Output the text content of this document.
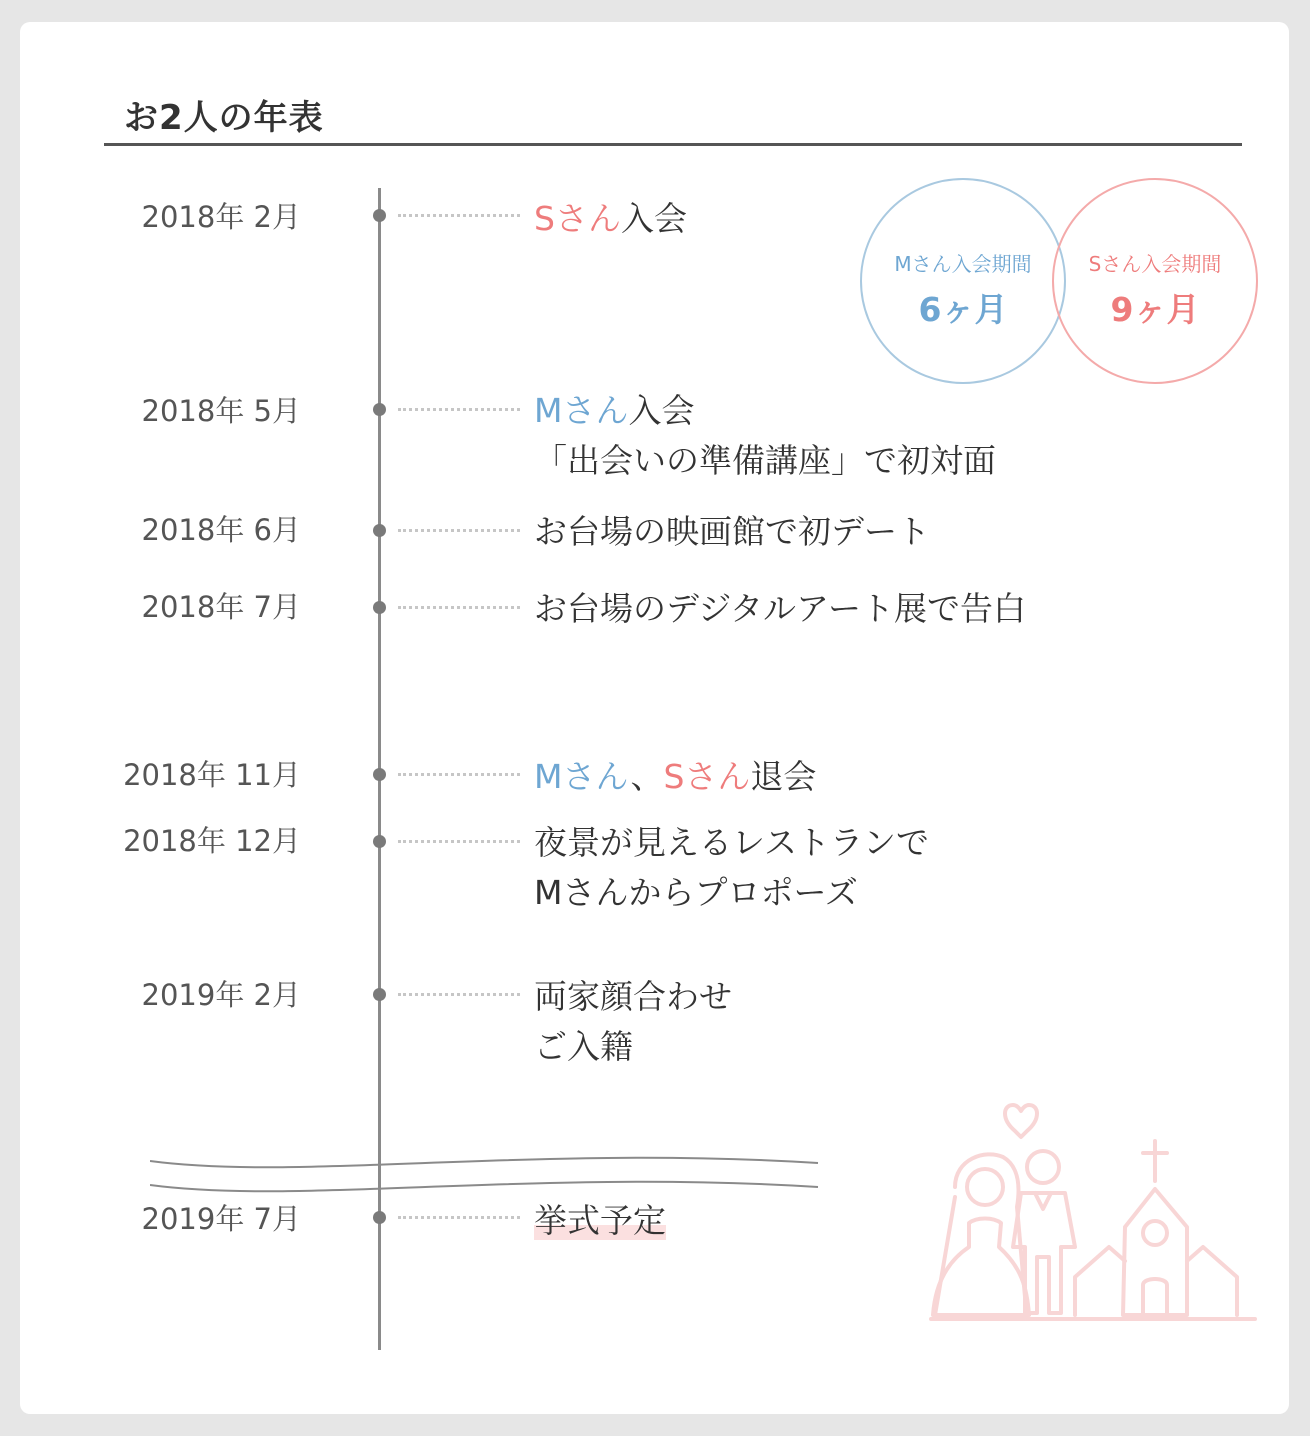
お2人の年表
2018年 2月	Sさん入会
2018年 5月	Mさん入会
「出会いの準備講座」で初対面
2018年 6月	お台場の映画館で初デート
2018年 7月	お台場のデジタルアート展で告白
2018年 11月	Mさん、Sさん退会
2018年 12月	夜景が見えるレストランで
Mさんからプロポーズ
2019年 2月	両家顔合わせ
ご入籍
2019年 7月	挙式予定
Mさん入会期間
6ヶ月
Sさん入会期間
9ヶ月
